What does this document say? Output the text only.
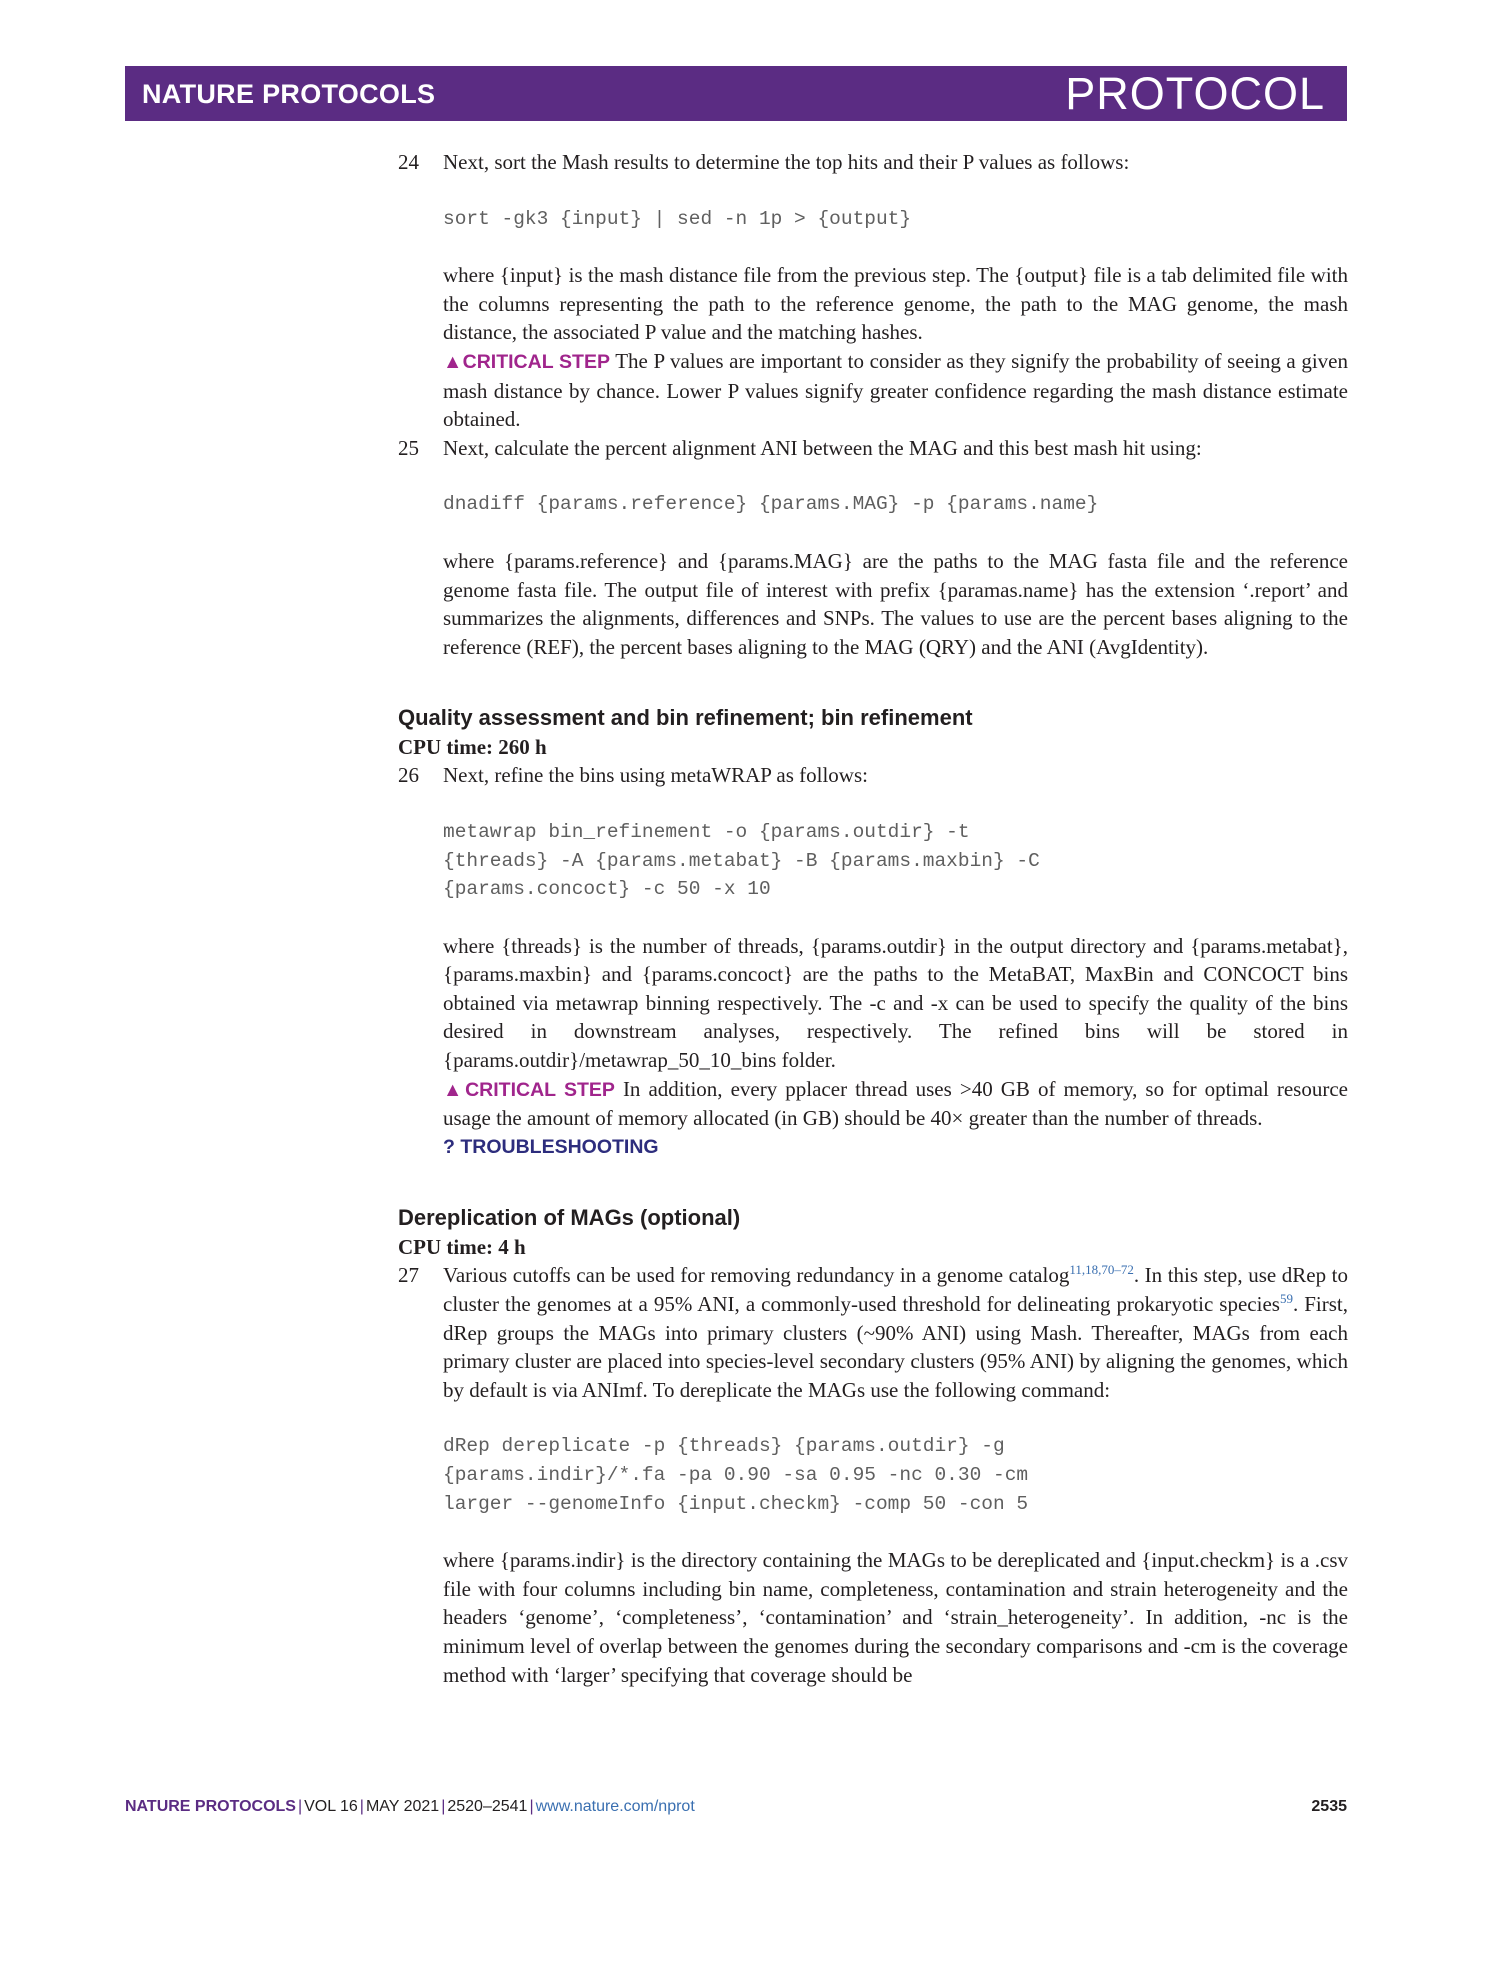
NATURE PROTOCOLS	PROTOCOL
24 Next, sort the Mash results to determine the top hits and their P values as follows:
sort -gk3 {input} | sed -n 1p > {output}
where {input} is the mash distance file from the previous step. The {output} file is a tab delimited file with the columns representing the path to the reference genome, the path to the MAG genome, the mash distance, the associated P value and the matching hashes.
▲CRITICAL STEP The P values are important to consider as they signify the probability of seeing a given mash distance by chance. Lower P values signify greater confidence regarding the mash distance estimate obtained.
25 Next, calculate the percent alignment ANI between the MAG and this best mash hit using:
dnadiff {params.reference} {params.MAG} -p {params.name}
where {params.reference} and {params.MAG} are the paths to the MAG fasta file and the reference genome fasta file. The output file of interest with prefix {paramas.name} has the extension ‘.report’ and summarizes the alignments, differences and SNPs. The values to use are the percent bases aligning to the reference (REF), the percent bases aligning to the MAG (QRY) and the ANI (AvgIdentity).
Quality assessment and bin refinement; bin refinement
CPU time: 260 h
26 Next, refine the bins using metaWRAP as follows:
metawrap bin_refinement -o {params.outdir} -t
{threads} -A {params.metabat} -B {params.maxbin} -C
{params.concoct} -c 50 -x 10
where {threads} is the number of threads, {params.outdir} in the output directory and {params.metabat}, {params.maxbin} and {params.concoct} are the paths to the MetaBAT, MaxBin and CONCOCT bins obtained via metawrap binning respectively. The -c and -x can be used to specify the quality of the bins desired in downstream analyses, respectively. The refined bins will be stored in {params.outdir}/metawrap_50_10_bins folder.
▲CRITICAL STEP In addition, every pplacer thread uses >40 GB of memory, so for optimal resource usage the amount of memory allocated (in GB) should be 40× greater than the number of threads.
? TROUBLESHOOTING
Dereplication of MAGs (optional)
CPU time: 4 h
27 Various cutoffs can be used for removing redundancy in a genome catalog$^{11,18,70-72}$. In this step, use dRep to cluster the genomes at a 95% ANI, a commonly-used threshold for delineating prokaryotic species$^{59}$. First, dRep groups the MAGs into primary clusters (~90% ANI) using Mash. Thereafter, MAGs from each primary cluster are placed into species-level secondary clusters (95% ANI) by aligning the genomes, which by default is via ANImf. To dereplicate the MAGs use the following command:
dRep dereplicate -p {threads} {params.outdir} -g
{params.indir}/*.fa -pa 0.90 -sa 0.95 -nc 0.30 -cm
larger --genomeInfo {input.checkm} -comp 50 -con 5
where {params.indir} is the directory containing the MAGs to be dereplicated and {input.checkm} is a .csv file with four columns including bin name, completeness, contamination and strain heterogeneity and the headers ‘genome’, ‘completeness’, ‘contamination’ and ‘strain_heterogeneity’. In addition, -nc is the minimum level of overlap between the genomes during the secondary comparisons and -cm is the coverage method with ‘larger’ specifying that coverage should be
NATURE PROTOCOLS | VOL 16 | MAY 2021 | 2520–2541 | www.nature.com/nprot	2535
